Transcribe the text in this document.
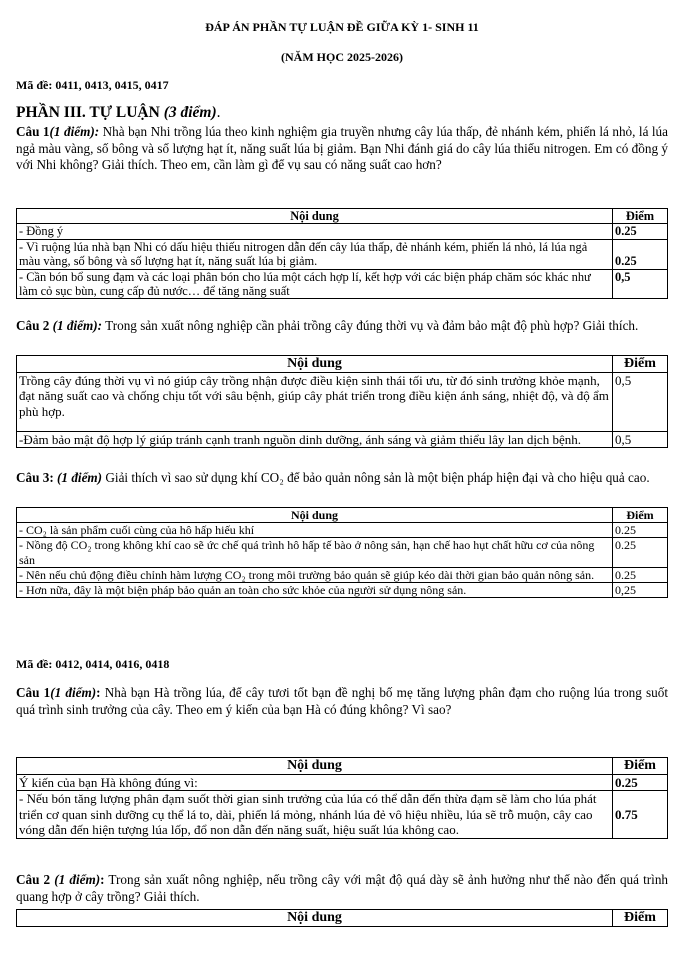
ĐÁP ÁN PHẦN TỰ LUẬN ĐỀ GIỮA KỲ 1- SINH 11
(NĂM HỌC 2025-2026)
Mã đề: 0411, 0413, 0415, 0417
PHẦN III. TỰ LUẬN (3 điểm).
Câu 1(1 điểm): Nhà bạn Nhi trồng lúa theo kinh nghiệm gia truyền nhưng cây lúa thấp, đẻ nhánh kém, phiến lá nhỏ, lá lúa ngả màu vàng, số bông và số lượng hạt ít, năng suất lúa bị giảm. Bạn Nhi đánh giá do cây lúa thiếu nitrogen. Em có đồng ý với Nhi không? Giải thích. Theo em, cần làm gì để vụ sau có năng suất cao hơn?
Nội dung	Điểm
- Đồng ý	0.25
- Vì ruộng lúa nhà bạn Nhi có dấu hiệu thiếu nitrogen dẫn đến cây lúa thấp, đẻ nhánh kém, phiến lá nhỏ, lá lúa ngả màu vàng, số bông và số lượng hạt ít, năng suất lúa bị giảm.	0.25
- Cần bón bổ sung đạm và các loại phân bón cho lúa một cách hợp lí, kết hợp với các biện pháp chăm sóc khác như làm cỏ sục bùn, cung cấp đủ nước… để tăng năng suất	0,5
Câu 2 (1 điểm): Trong sản xuất nông nghiệp cần phải trồng cây đúng thời vụ và đảm bảo mật độ phù hợp? Giải thích.
Nội dung	Điểm
Trồng cây đúng thời vụ vì nó giúp cây trồng nhận được điều kiện sinh thái tối ưu, từ đó sinh trưởng khỏe mạnh, đạt năng suất cao và chống chịu tốt với sâu bệnh, giúp cây phát triển trong điều kiện ánh sáng, nhiệt độ, và độ ẩm phù hợp.	0,5
-Đảm bảo mật độ hợp lý giúp tránh cạnh tranh nguồn dinh dưỡng, ánh sáng và giảm thiểu lây lan dịch bệnh.	0,5
Câu 3: (1 điểm) Giải thích vì sao sử dụng khí CO₂ để bảo quản nông sản là một biện pháp hiện đại và cho hiệu quả cao.
Nội dung	Điểm
- CO₂ là sản phẩm cuối cùng của hô hấp hiếu khí	0.25
- Nồng độ CO₂ trong không khí cao sẽ ức chế quá trình hô hấp tế bào ở nông sản, hạn chế hao hụt chất hữu cơ của nông sản	0.25
- Nên nếu chủ động điều chỉnh hàm lượng CO₂ trong môi trường bảo quản sẽ giúp kéo dài thời gian bảo quản nông sản.	0.25
- Hơn nữa, đây là một biện pháp bảo quản an toàn cho sức khỏe của người sử dụng nông sản.	0,25
Mã đề: 0412, 0414, 0416, 0418
Câu 1(1 điểm): Nhà bạn Hà trồng lúa, để cây tươi tốt bạn đề nghị bố mẹ tăng lượng phân đạm cho ruộng lúa trong suốt quá trình sinh trưởng của cây. Theo em ý kiến của bạn Hà có đúng không? Vì sao?
Nội dung	Điểm
Ý kiến của bạn Hà không đúng vì:	0.25
- Nếu bón tăng lượng phân đạm suốt thời gian sinh trưởng của lúa có thể dẫn đến thừa đạm sẽ làm cho lúa phát triển cơ quan sinh dưỡng cụ thể lá to, dài, phiến lá mỏng, nhánh lúa đẻ vô hiệu nhiều, lúa sẽ trỗ muộn, cây cao vóng dẫn đến hiện tượng lúa lốp, đổ non dẫn đến năng suất, hiệu suất lúa không cao.	0.75
Câu 2 (1 điểm): Trong sản xuất nông nghiệp, nếu trồng cây với mật độ quá dày sẽ ảnh hưởng như thế nào đến quá trình quang hợp ở cây trồng? Giải thích.
Nội dung	Điểm
